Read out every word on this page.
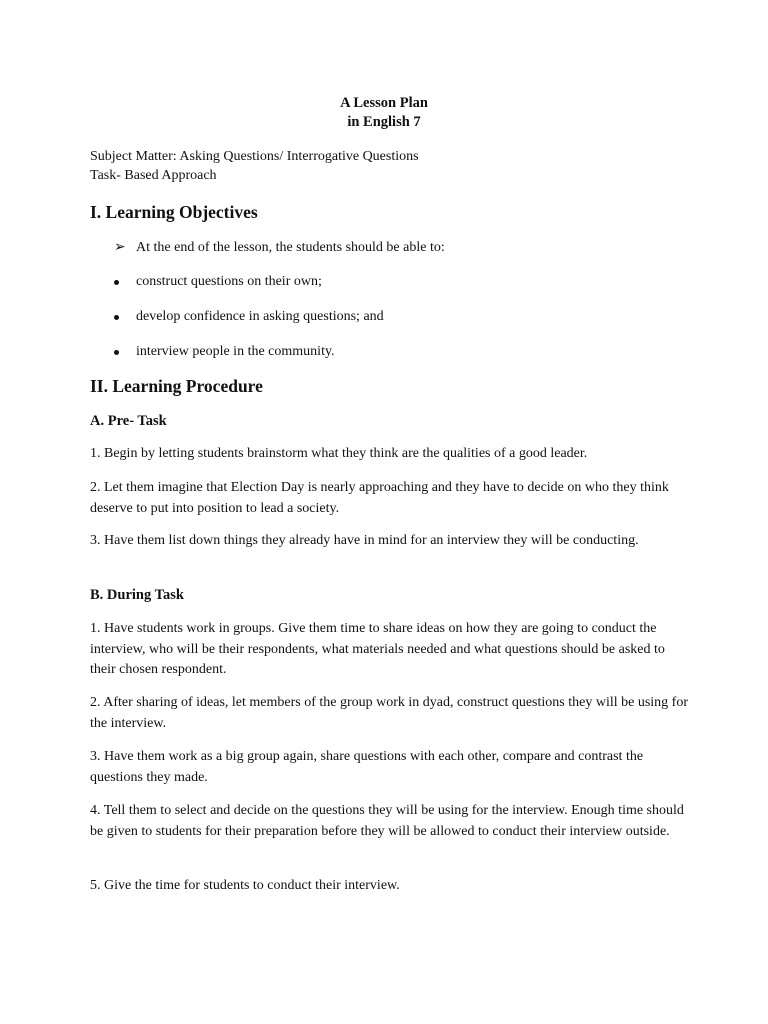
A Lesson Plan
in English 7
Subject Matter: Asking Questions/ Interrogative Questions
Task- Based Approach
I. Learning Objectives
➢ At the end of the lesson, the students should be able to:
construct questions on their own;
develop confidence in asking questions; and
interview people in the community.
II. Learning Procedure
A. Pre- Task
1. Begin by letting students brainstorm what they think are the qualities of a good leader.
2. Let them imagine that Election Day is nearly approaching and they have to decide on who they think deserve to put into position to lead a society.
3. Have them list down things they already have in mind for an interview they will be conducting.
B. During Task
1. Have students work in groups. Give them time to share ideas on how they are going to conduct the interview, who will be their respondents, what materials needed and what questions should be asked to their chosen respondent.
2. After sharing of ideas, let members of the group work in dyad, construct questions they will be using for the interview.
3. Have them work as a big group again, share questions with each other, compare and contrast the questions they made.
4. Tell them to select and decide on the questions they will be using for the interview. Enough time should be given to students for their preparation before they will be allowed to conduct their interview outside.
5. Give the time for students to conduct their interview.
